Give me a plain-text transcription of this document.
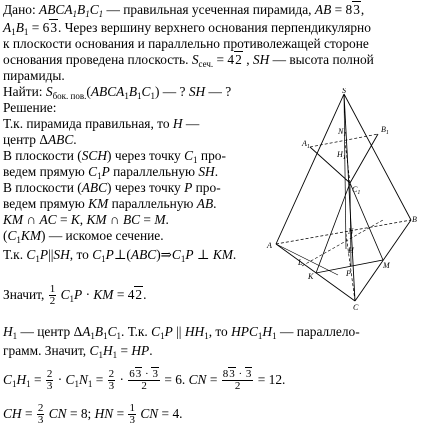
Дано: $ABCA_1B_1C_1$ — правильная усеченная пирамида, AB = 83,
$A_1B_1 = 63$. Через вершину верхнего основания перпендикулярно
к плоскости основания и параллельно противолежащей стороне
основания проведена плоскость. $S_{сеч.} = 42$ , SH — высота полной
пирамиды.
Найти: $S_{бок. пов.}(ABCA_1B_1C_1)$ — ? SH — ?
Решение:
Т.к. пирамида правильная, то H —
центр ΔABC.
В плоскости (SCH) через точку $C_1$ про-
ведем прямую $C_1P$ параллельную SH.
В плоскости (ABC) через точку P про-
ведем прямую KM параллельную AB.
KM ∩ AC = K, KM ∩ BC = M.
$(C_1KM)$ — искомое сечение.
Т.к. $C_1P||SH$, то $C_1P\perp(ABC)\Rightarrow C_1P$ ⊥ KM.
Значит, $\frac{1}{2} C_1P$ · KM = 42.
$H_1$ — центр $\Delta A_1B_1C_1$. Т.к. $C_1P$ || $HH_1$, то $HPC_1H_1$ — параллело-
грамм. Значит, $C_1H_1$ = HP.
$C_1H_1 = \frac{2}{3} \cdot C_1N_1 = \frac{2}{3} \cdot \frac{63 \cdot 3}{2} = 6$. CN = $\frac{83 \cdot 3}{2} = 12$.
CH = $\frac{2}{3}$ CN = 8; HN = $\frac{1}{3}$ CN = 4.
S
$A_1$
$B_1$
$N_1$
$H_1$
$C_1$
A
B
C
N
H
K
L	M
P
